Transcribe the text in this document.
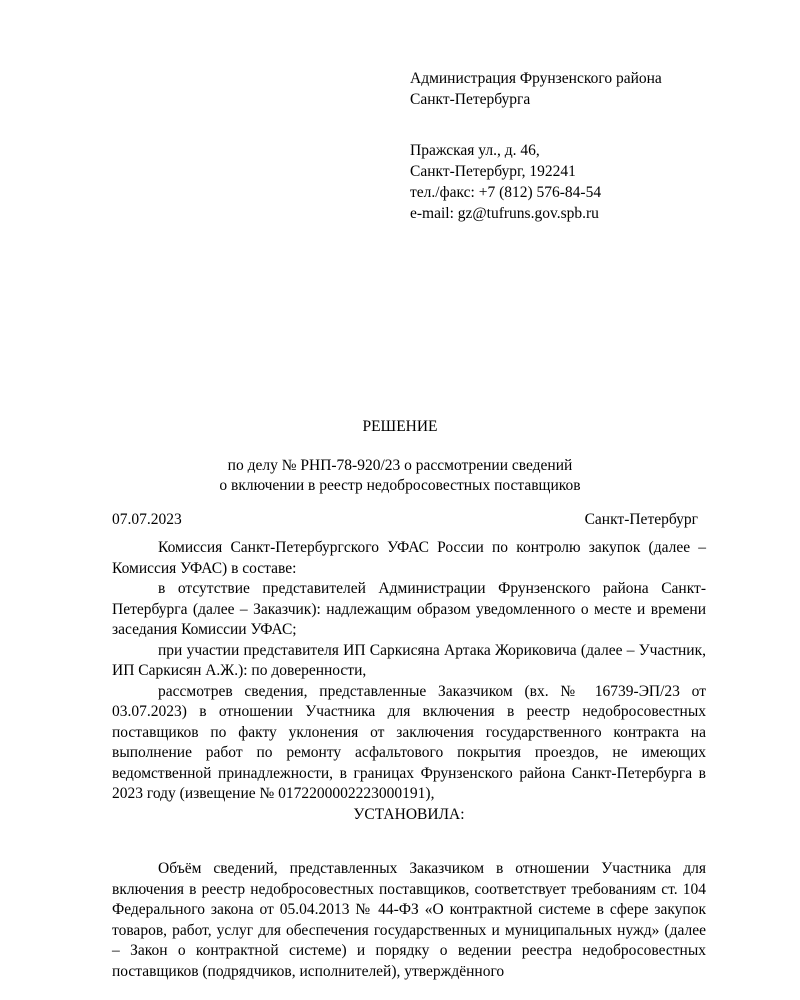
Администрация Фрунзенского района
Санкт-Петербурга
Пражская ул., д. 46,
Санкт-Петербург, 192241
тел./факс: +7 (812) 576-84-54
e-mail: gz@tufruns.gov.spb.ru
РЕШЕНИЕ
по делу № РНП-78-920/23 о рассмотрении сведений
о включении в реестр недобросовестных поставщиков
07.07.2023	Санкт-Петербург

Комиссия Санкт-Петербургского УФАС России по контролю закупок (далее – Комиссия УФАС) в составе:

в отсутствие представителей Администрации Фрунзенского района Санкт-Петербурга (далее – Заказчик): надлежащим образом уведомленного о месте и времени заседания Комиссии УФАС;

при участии представителя ИП Саркисяна Артака Жориковича (далее – Участник, ИП Саркисян А.Ж.): по доверенности,

рассмотрев сведения, представленные Заказчиком (вх. № 16739-ЭП/23 от 03.07.2023) в отношении Участника для включения в реестр недобросовестных поставщиков по факту уклонения от заключения государственного контракта на выполнение работ по ремонту асфальтового покрытия проездов, не имеющих ведомственной принадлежности, в границах Фрунзенского района Санкт-Петербурга в 2023 году (извещение № 0172200002223000191),

УСТАНОВИЛА:

Объём сведений, представленных Заказчиком в отношении Участника для включения в реестр недобросовестных поставщиков, соответствует требованиям ст. 104 Федерального закона от 05.04.2013 № 44-ФЗ «О контрактной системе в сфере закупок товаров, работ, услуг для обеспечения государственных и муниципальных нужд» (далее – Закон о контрактной системе) и порядку о ведении реестра недобросовестных поставщиков (подрядчиков, исполнителей), утверждённого
